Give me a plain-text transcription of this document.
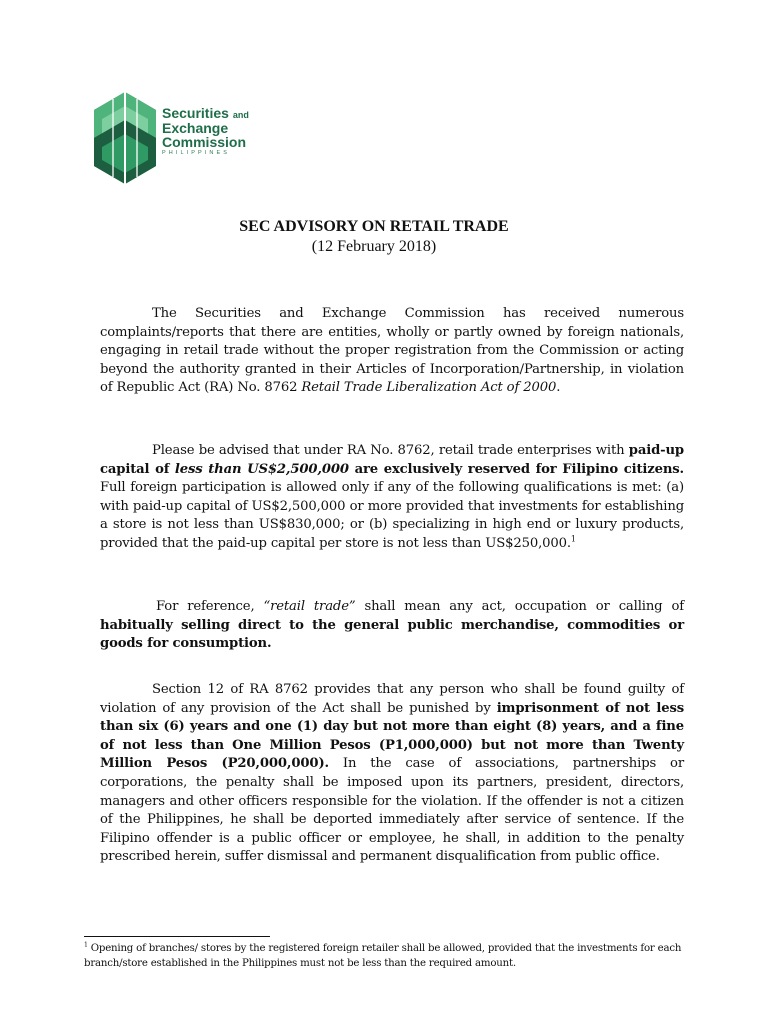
Securities and
Exchange
Commission
PHILIPPINES
SEC ADVISORY ON RETAIL TRADE
(12 February 2018)
The Securities and Exchange Commission has received numerous complaints/reports that there are entities, wholly or partly owned by foreign nationals, engaging in retail trade without the proper registration from the Commission or acting beyond the authority granted in their Articles of Incorporation/Partnership, in violation of Republic Act (RA) No. 8762 Retail Trade Liberalization Act of 2000.
Please be advised that under RA No. 8762, retail trade enterprises with paid-up capital of less than US$2,500,000 are exclusively reserved for Filipino citizens. Full foreign participation is allowed only if any of the following qualifications is met: (a) with paid-up capital of US$2,500,000 or more provided that investments for establishing a store is not less than US$830,000; or (b) specializing in high end or luxury products, provided that the paid-up capital per store is not less than US$250,000.$^1$
For reference, “retail trade” shall mean any act, occupation or calling of habitually selling direct to the general public merchandise, commodities or goods for consumption.
Section 12 of RA 8762 provides that any person who shall be found guilty of violation of any provision of the Act shall be punished by imprisonment of not less than six (6) years and one (1) day but not more than eight (8) years, and a fine of not less than One Million Pesos (P1,000,000) but not more than Twenty Million Pesos (P20,000,000). In the case of associations, partnerships or corporations, the penalty shall be imposed upon its partners, president, directors, managers and other officers responsible for the violation. If the offender is not a citizen of the Philippines, he shall be deported immediately after service of sentence. If the Filipino offender is a public officer or employee, he shall, in addition to the penalty prescribed herein, suffer dismissal and permanent disqualification from public office.
$^1$ Opening of branches/ stores by the registered foreign retailer shall be allowed, provided that the investments for each branch/store established in the Philippines must not be less than the required amount.
